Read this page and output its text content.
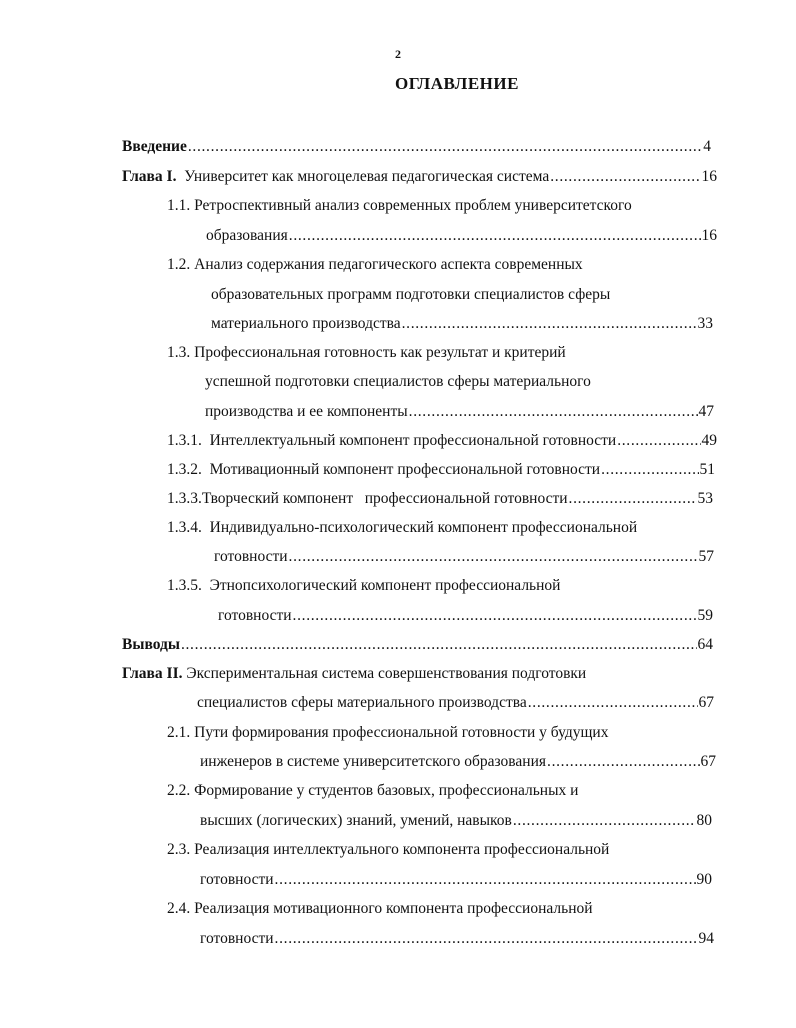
2
ОГЛАВЛЕНИЕ
Введение . . .	4
Глава I. Университет как многоцелевая педагогическая система . . .	16
1.1. Ретроспективный анализ современных проблем университетского
образования . . .	16
1.2. Анализ содержания педагогического аспекта современных
образовательных программ подготовки специалистов сферы
материального производства . . .	33
1.3. Профессиональная готовность как результат и критерий
успешной подготовки специалистов сферы материального
производства и ее компоненты . . .	47
1.3.1. Интеллектуальный компонент профессиональной готовности . . .	49
1.3.2. Мотивационный компонент профессиональной готовности . . .	51
1.3.3.Творческий компонент   профессиональной готовности . . .	53
1.3.4. Индивидуально-психологический компонент профессиональной
готовности . . .	57
1.3.5. Этнопсихологический компонент профессиональной
готовности . . .	59
Выводы . . .	64
Глава II. Экспериментальная система совершенствования подготовки
специалистов сферы материального производства . . .	67
2.1. Пути формирования профессиональной готовности у будущих
инженеров в системе университетского образования . . .	67
2.2. Формирование у студентов базовых, профессиональных и
высших (логических) знаний, умений, навыков . . .	80
2.3. Реализация интеллектуального компонента профессиональной
готовности . . .	90
2.4. Реализация мотивационного компонента профессиональной
готовности . . .	94
